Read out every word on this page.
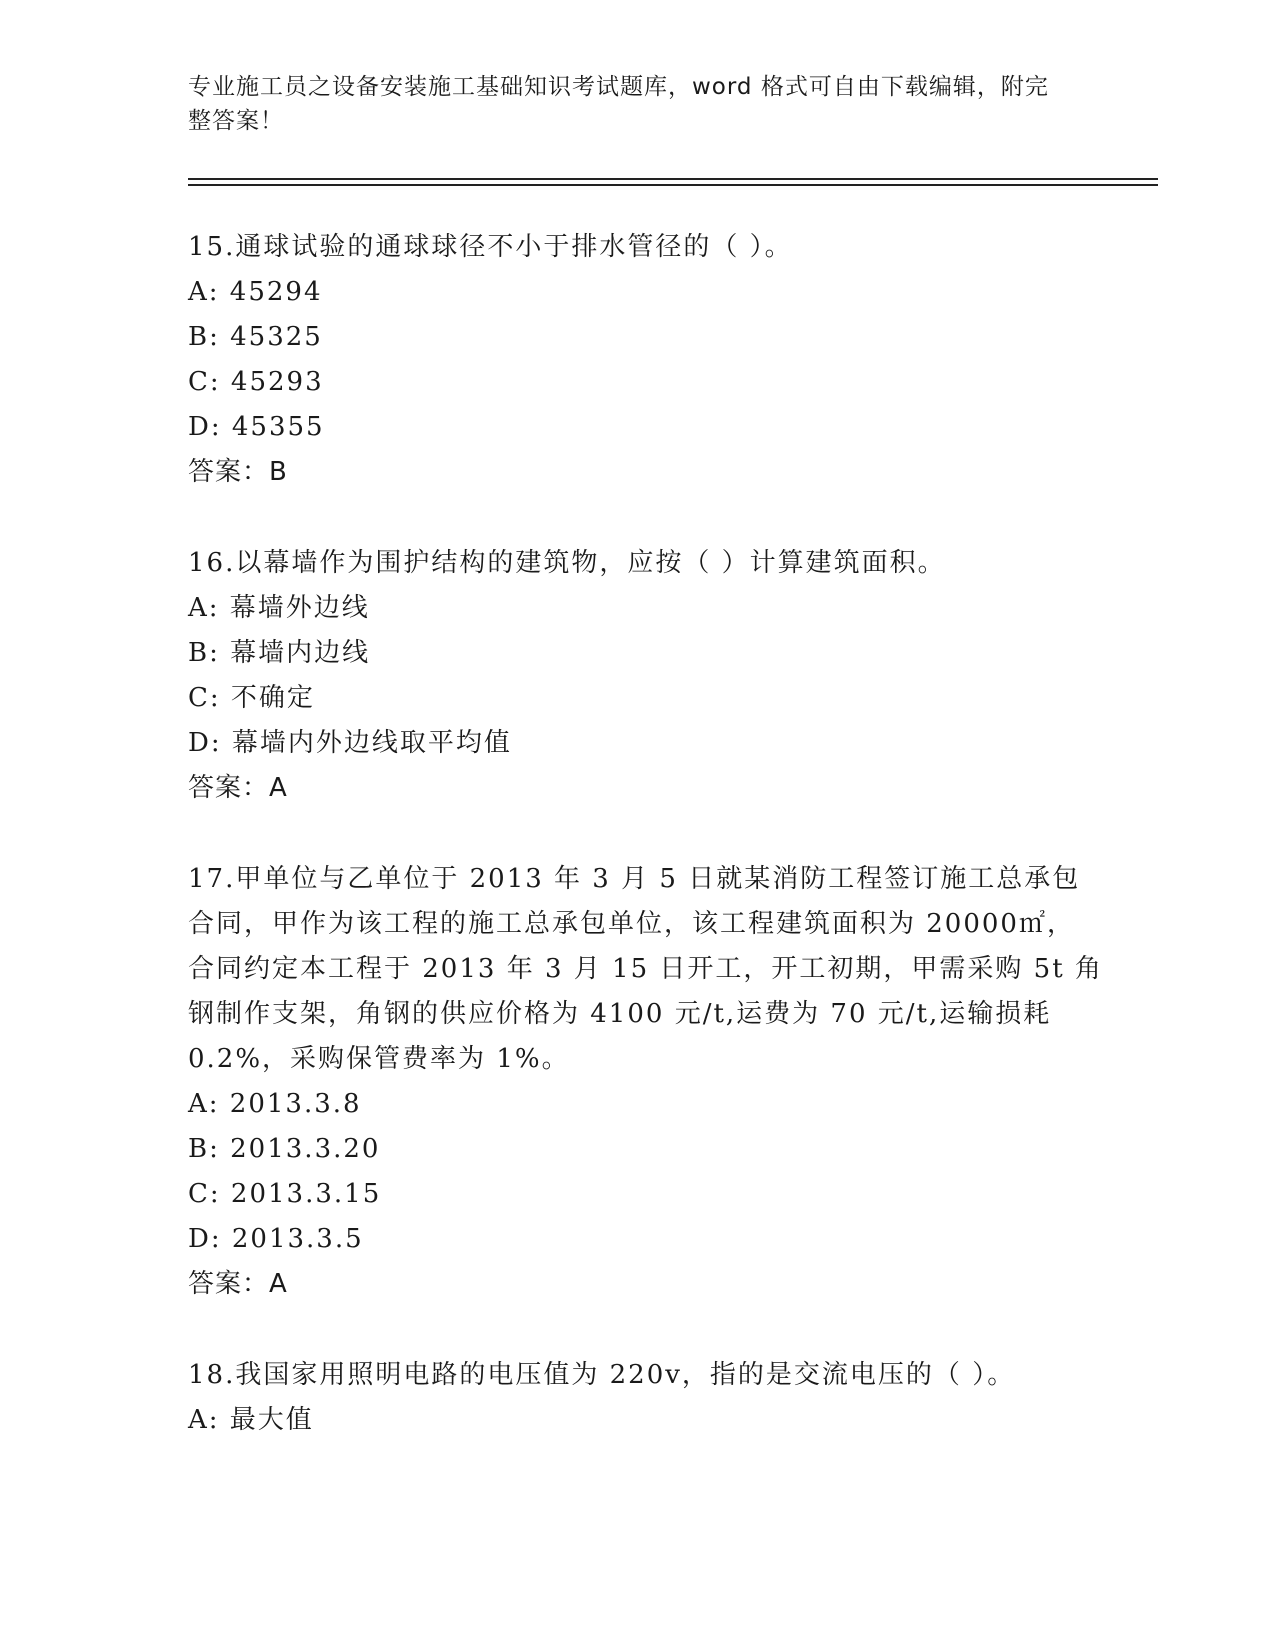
专业施工员之设备安装施工基础知识考试题库，word 格式可自由下载编辑，附完
整答案！

15.通球试验的通球球径不小于排水管径的（ ）。

A: 45294

B: 45325

C: 45293

D: 45355

答案：B

16.以幕墙作为围护结构的建筑物，应按（ ）计算建筑面积。

A: 幕墙外边线

B: 幕墙内边线

C: 不确定

D: 幕墙内外边线取平均值

答案：A

17.甲单位与乙单位于 2013 年 3 月 5 日就某消防工程签订施工总承包

合同，甲作为该工程的施工总承包单位，该工程建筑面积为 20000㎡，

合同约定本工程于 2013 年 3 月 15 日开工，开工初期，甲需采购 5t 角

钢制作支架，角钢的供应价格为 4100 元/t,运费为 70 元/t,运输损耗

0.2%，采购保管费率为 1%。

A: 2013.3.8

B: 2013.3.20

C: 2013.3.15

D: 2013.3.5

答案：A

18.我国家用照明电路的电压值为 220v，指的是交流电压的（ ）。

A: 最大值
